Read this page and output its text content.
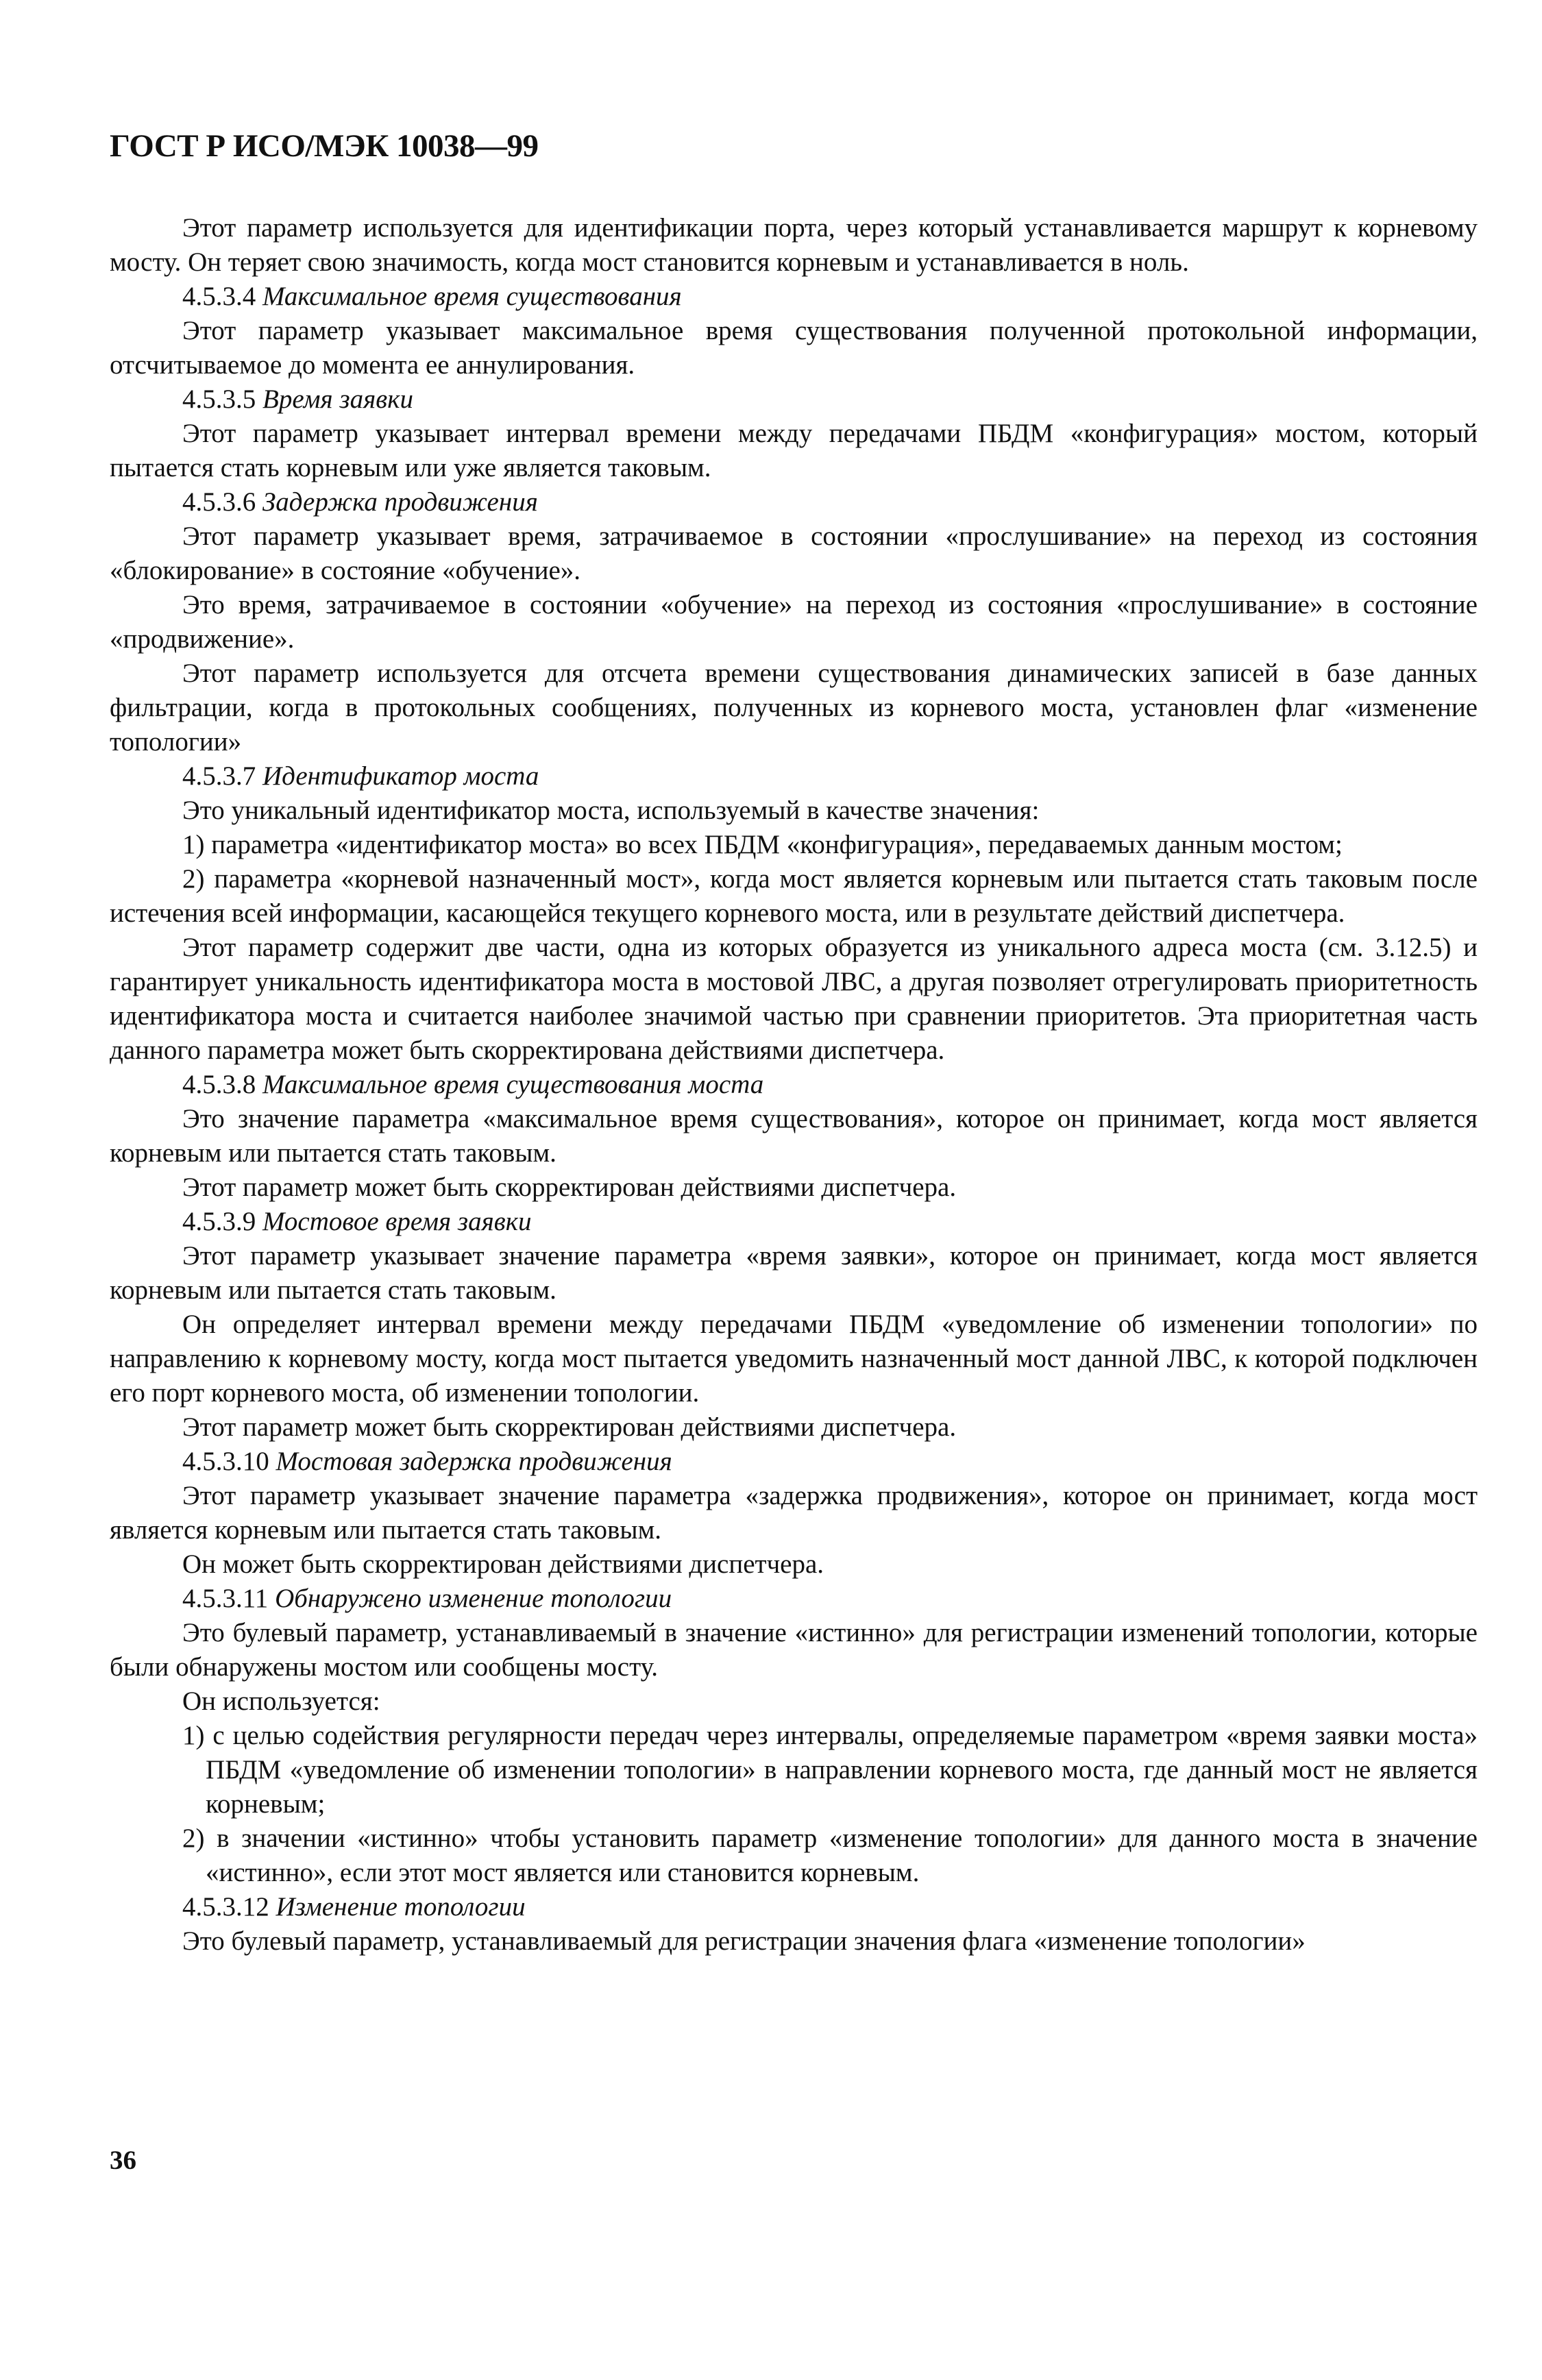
ГОСТ Р ИСО/МЭК 10038—99

Этот параметр используется для идентификации порта, через который устанавливается маршрут к корневому мосту. Он теряет свою значимость, когда мост становится корневым и устанавливается в ноль.

4.5.3.4 Максимальное время существования

Этот параметр указывает максимальное время существования полученной протокольной информации, отсчитываемое до момента ее аннулирования.

4.5.3.5 Время заявки

Этот параметр указывает интервал времени между передачами ПБДМ «конфигурация» мостом, который пытается стать корневым или уже является таковым.

4.5.3.6 Задержка продвижения

Этот параметр указывает время, затрачиваемое в состоянии «прослушивание» на переход из состояния «блокирование» в состояние «обучение».

Это время, затрачиваемое в состоянии «обучение» на переход из состояния «прослушивание» в состояние «продвижение».

Этот параметр используется для отсчета времени существования динамических записей в базе данных фильтрации, когда в протокольных сообщениях, полученных из корневого моста, установлен флаг «изменение топологии»

4.5.3.7 Идентификатор моста

Это уникальный идентификатор моста, используемый в качестве значения:

1) параметра «идентификатор моста» во всех ПБДМ «конфигурация», передаваемых данным мостом;

2) параметра «корневой назначенный мост», когда мост является корневым или пытается стать таковым после истечения всей информации, касающейся текущего корневого моста, или в результате действий диспетчера.

Этот параметр содержит две части, одна из которых образуется из уникального адреса моста (см. 3.12.5) и гарантирует уникальность идентификатора моста в мостовой ЛВС, а другая позволяет отрегулировать приоритетность идентификатора моста и считается наиболее значимой частью при сравнении приоритетов. Эта приоритетная часть данного параметра может быть скорректирована действиями диспетчера.

4.5.3.8 Максимальное время существования моста

Это значение параметра «максимальное время существования», которое он принимает, когда мост является корневым или пытается стать таковым.

Этот параметр может быть скорректирован действиями диспетчера.

4.5.3.9 Мостовое время заявки

Этот параметр указывает значение параметра «время заявки», которое он принимает, когда мост является корневым или пытается стать таковым.

Он определяет интервал времени между передачами ПБДМ «уведомление об изменении топологии» по направлению к корневому мосту, когда мост пытается уведомить назначенный мост данной ЛВС, к которой подключен его порт корневого моста, об изменении топологии.

Этот параметр может быть скорректирован действиями диспетчера.

4.5.3.10 Мостовая задержка продвижения

Этот параметр указывает значение параметра «задержка продвижения», которое он принимает, когда мост является корневым или пытается стать таковым.

Он может быть скорректирован действиями диспетчера.

4.5.3.11 Обнаружено изменение топологии

Это булевый параметр, устанавливаемый в значение «истинно» для регистрации изменений топологии, которые были обнаружены мостом или сообщены мосту.

Он используется:

1) с целью содействия регулярности передач через интервалы, определяемые параметром «время заявки моста» ПБДМ «уведомление об изменении топологии» в направлении корневого моста, где данный мост не является корневым;

2) в значении «истинно» чтобы установить параметр «изменение топологии» для данного моста в значение «истинно», если этот мост является или становится корневым.

4.5.3.12 Изменение топологии

Это булевый параметр, устанавливаемый для регистрации значения флага «изменение топологии»

36
